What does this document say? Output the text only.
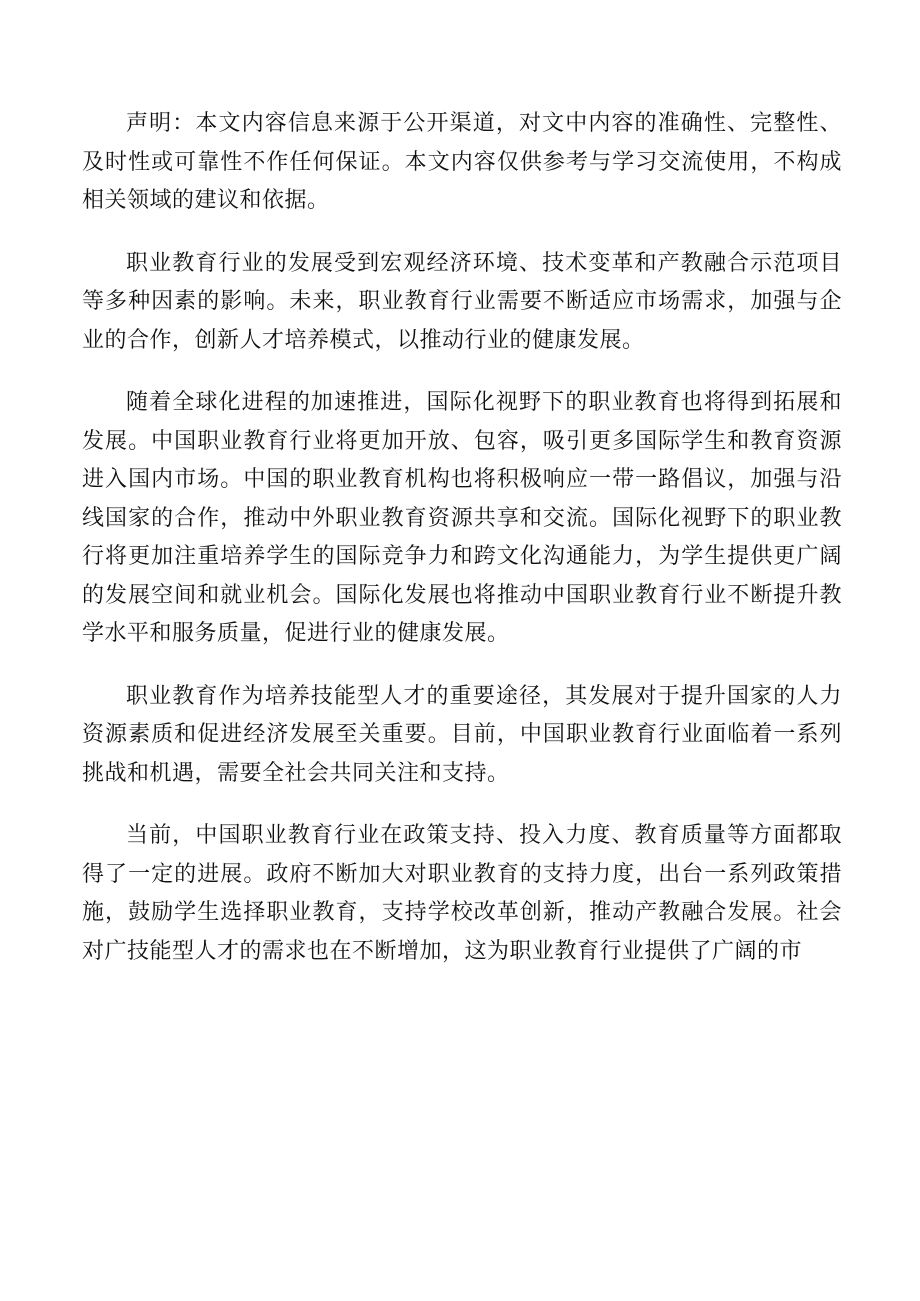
声明：本文内容信息来源于公开渠道，对文中内容的准确性、完整性、及时性或可靠性不作任何保证。本文内容仅供参考与学习交流使用，不构成相关领域的建议和依据。

职业教育行业的发展受到宏观经济环境、技术变革和产教融合示范项目等多种因素的影响。未来，职业教育行业需要不断适应市场需求，加强与企业的合作，创新人才培养模式，以推动行业的健康发展。

随着全球化进程的加速推进，国际化视野下的职业教育也将得到拓展和发展。中国职业教育行业将更加开放、包容，吸引更多国际学生和教育资源进入国内市场。中国的职业教育机构也将积极响应一带一路倡议，加强与沿线国家的合作，推动中外职业教育资源共享和交流。国际化视野下的职业教行将更加注重培养学生的国际竞争力和跨文化沟通能力，为学生提供更广阔的发展空间和就业机会。国际化发展也将推动中国职业教育行业不断提升教学水平和服务质量，促进行业的健康发展。

职业教育作为培养技能型人才的重要途径，其发展对于提升国家的人力资源素质和促进经济发展至关重要。目前，中国职业教育行业面临着一系列挑战和机遇，需要全社会共同关注和支持。

当前，中国职业教育行业在政策支持、投入力度、教育质量等方面都取得了一定的进展。政府不断加大对职业教育的支持力度，出台一系列政策措施，鼓励学生选择职业教育，支持学校改革创新，推动产教融合发展。社会对广技能型人才的需求也在不断增加，这为职业教育行业提供了广阔的市
